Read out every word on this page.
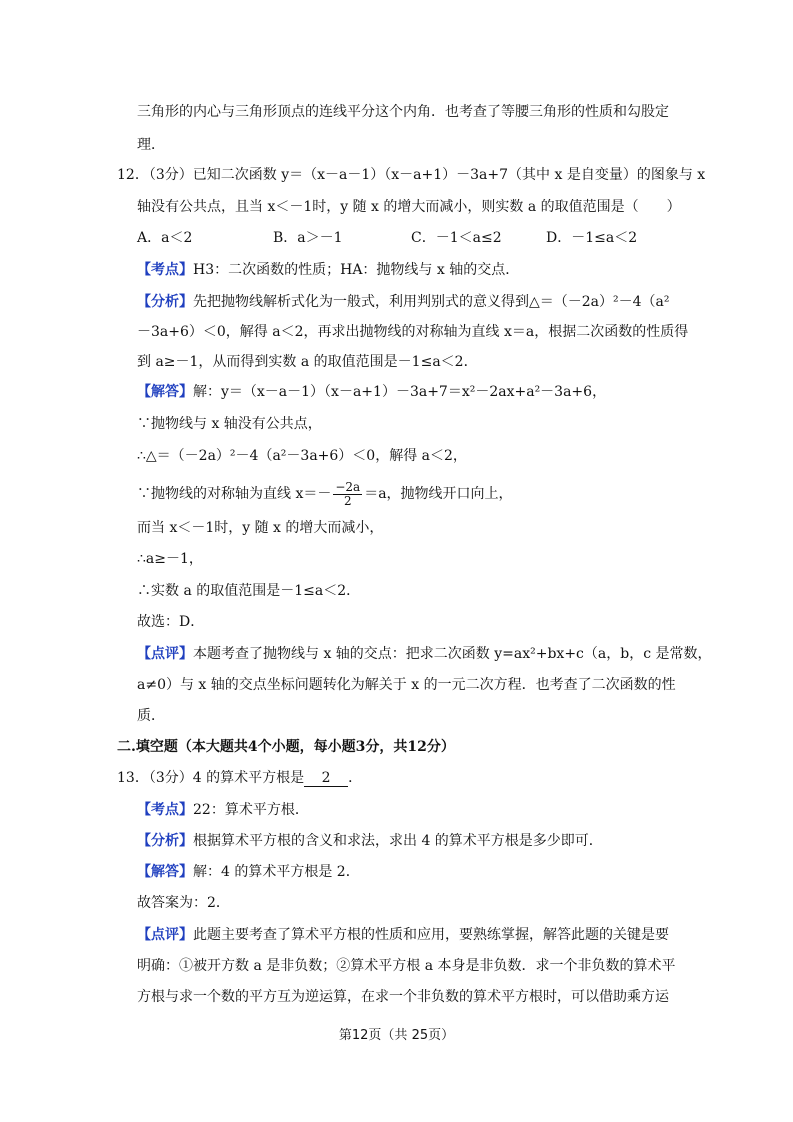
三角形的内心与三角形顶点的连线平分这个内角．也考查了等腰三角形的性质和勾股定
理．
12．（3分）已知二次函数 y＝（x－a－1）（x－a+1）－3a+7（其中 x 是自变量）的图象与 x
轴没有公共点，且当 x＜－1时，y 随 x 的增大而减小，则实数 a 的取值范围是（　　）
A．a＜2	B．a＞－1	C．－1＜a≤2	D．－1≤a＜2
【考点】H3：二次函数的性质；HA：抛物线与 x 轴的交点．
【分析】先把抛物线解析式化为一般式，利用判别式的意义得到△＝（－2a）²－4（a²
－3a+6）＜0，解得 a＜2，再求出抛物线的对称轴为直线 x＝a，根据二次函数的性质得
到 a≥－1，从而得到实数 a 的取值范围是－1≤a＜2．
【解答】解：y＝（x－a－1）（x－a+1）－3a+7＝x²－2ax+a²－3a+6，
∵抛物线与 x 轴没有公共点，
∴△＝（－2a）²－4（a²－3a+6）＜0，解得 a＜2，
∵抛物线的对称轴为直线 $x=- \frac{-2a}{2} =a$，抛物线开口向上，
而当 x＜－1时，y 随 x 的增大而减小，
∴a≥－1，
∴实数 a 的取值范围是－1≤a＜2．
故选：D．
【点评】本题考查了抛物线与 x 轴的交点：把求二次函数 y=ax²+bx+c（a，b，c 是常数，
a≠0）与 x 轴的交点坐标问题转化为解关于 x 的一元二次方程．也考查了二次函数的性
质．
二.填空题（本大题共4个小题，每小题3分，共12分）
13．（3分）4 的算术平方根是 2 ．
【考点】22：算术平方根．
【分析】根据算术平方根的含义和求法，求出 4 的算术平方根是多少即可．
【解答】解：4 的算术平方根是 2．
故答案为：2．
【点评】此题主要考查了算术平方根的性质和应用，要熟练掌握，解答此题的关键是要
明确：①被开方数 a 是非负数；②算术平方根 a 本身是非负数．求一个非负数的算术平
方根与求一个数的平方互为逆运算，在求一个非负数的算术平方根时，可以借助乘方运
第12页（共 25页）
